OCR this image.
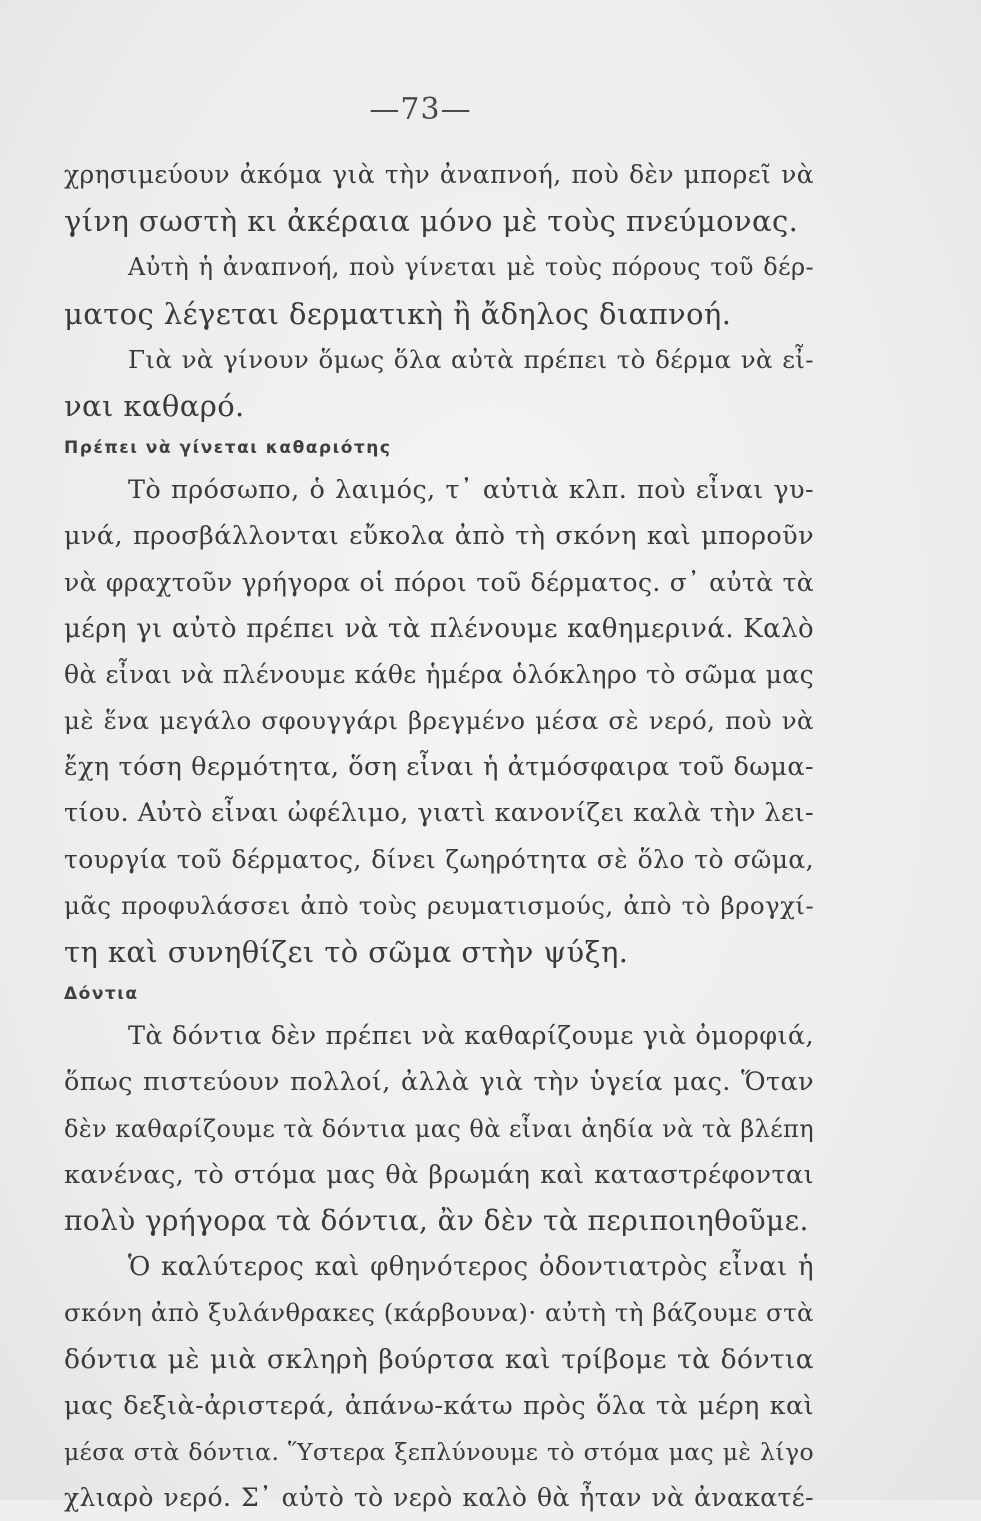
—73—
χρησιμεύουν ἀκόμα γιὰ τὴν ἀναπνοή, ποὺ δὲν μπορεῖ νὰ
γίνη σωστὴ κι ἀκέραια μόνο μὲ τοὺς πνεύμονας.
Αὐτὴ ἡ ἀναπνοή, ποὺ γίνεται μὲ τοὺς πόρους τοῦ δέρ-
ματος λέγεται δερματικὴ ἢ ἄδηλος διαπνοή.
Γιὰ νὰ γίνουν ὅμως ὅλα αὐτὰ πρέπει τὸ δέρμα νὰ εἶ-
ναι καθαρό.
Πρέπει νὰ γίνεται καθαριότης
Τὸ πρόσωπο, ὁ λαιμός, τ᾿ αὐτιὰ κλπ. ποὺ εἶναι γυ-
μνά, προσβάλλονται εὔκολα ἀπὸ τὴ σκόνη καὶ μποροῦν
νὰ φραχτοῦν γρήγορα οἱ πόροι τοῦ δέρματος. σ᾿ αὐτὰ τὰ
μέρη γι αὐτὸ πρέπει νὰ τὰ πλένουμε καθημερινά. Καλὸ
θὰ εἶναι νὰ πλένουμε κάθε ἡμέρα ὁλόκληρο τὸ σῶμα μας
μὲ ἕνα μεγάλο σφουγγάρι βρεγμένο μέσα σὲ νερό, ποὺ νὰ
ἔχη τόση θερμότητα, ὅση εἶναι ἡ ἀτμόσφαιρα τοῦ δωμα-
τίου. Αὐτὸ εἶναι ὠφέλιμο, γιατὶ κανονίζει καλὰ τὴν λει-
τουργία τοῦ δέρματος, δίνει ζωηρότητα σὲ ὅλο τὸ σῶμα,
μᾶς προφυλάσσει ἀπὸ τοὺς ρευματισμούς, ἀπὸ τὸ βρογχί-
τη καὶ συνηθίζει τὸ σῶμα στὴν ψύξη.
Δόντια
Τὰ δόντια δὲν πρέπει νὰ καθαρίζουμε γιὰ ὀμορφιά,
ὅπως πιστεύουν πολλοί, ἀλλὰ γιὰ τὴν ὑγεία μας. Ὅταν
δὲν καθαρίζουμε τὰ δόντια μας θὰ εἶναι ἀηδία νὰ τὰ βλέπη
κανένας, τὸ στόμα μας θὰ βρωμάη καὶ καταστρέφονται
πολὺ γρήγορα τὰ δόντια, ἂν δὲν τὰ περιποιηθοῦμε.
Ὁ καλύτερος καὶ φθηνότερος ὀδοντιατρὸς εἶναι ἡ
σκόνη ἀπὸ ξυλάνθρακες (κάρβουνα)· αὐτὴ τὴ βάζουμε στὰ
δόντια μὲ μιὰ σκληρὴ βούρτσα καὶ τρίβομε τὰ δόντια
μας δεξιὰ-ἀριστερά, ἀπάνω-κάτω πρὸς ὅλα τὰ μέρη καὶ
μέσα στὰ δόντια. Ὕστερα ξεπλύνουμε τὸ στόμα μας μὲ λίγο
χλιαρὸ νερό. Σ᾿ αὐτὸ τὸ νερὸ καλὸ θὰ ἦταν νὰ ἀνακατέ-
